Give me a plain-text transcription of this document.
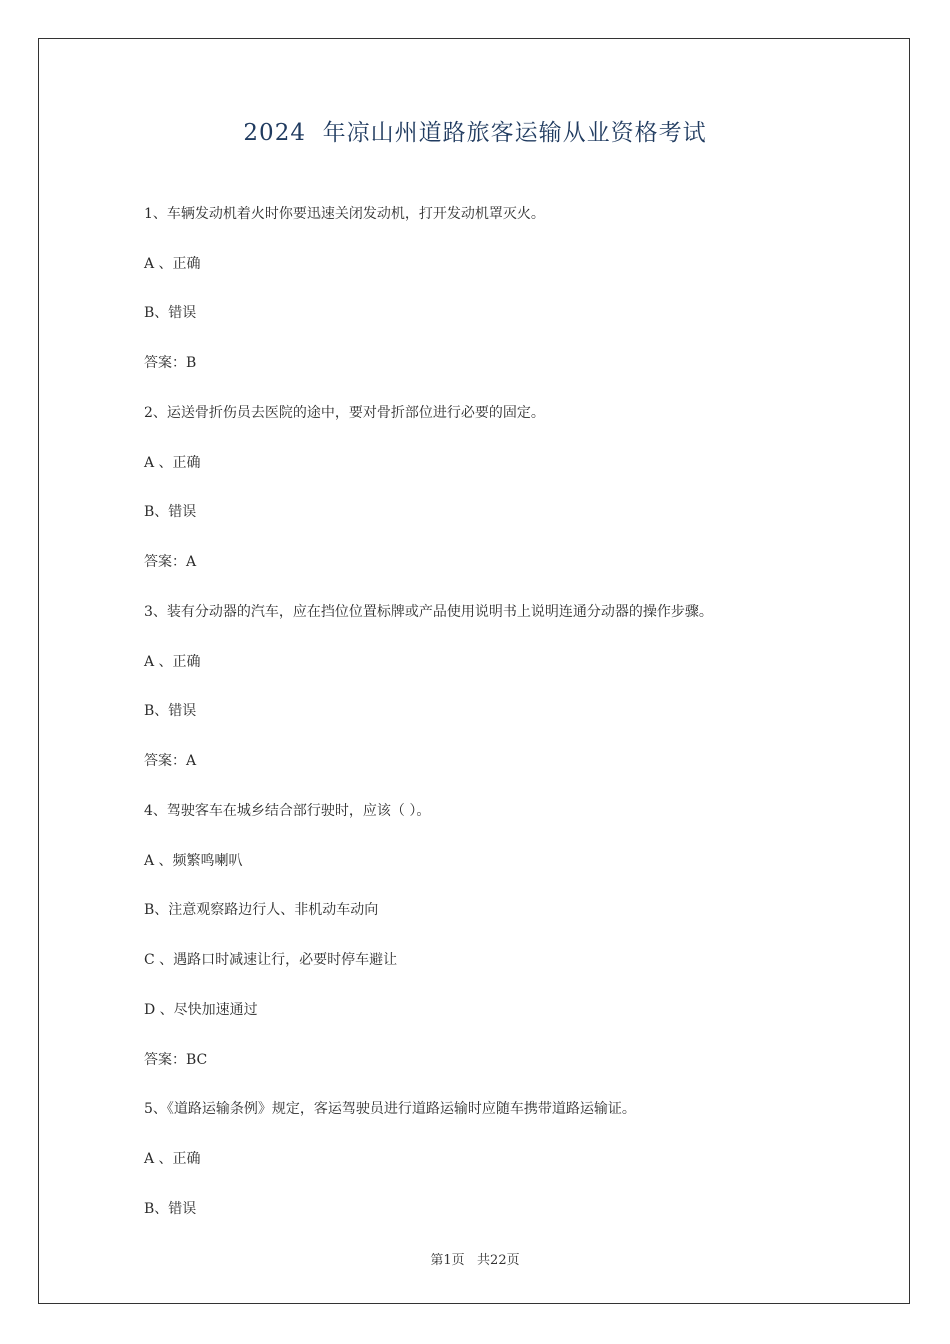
2024  年凉山州道路旅客运输从业资格考试
1、车辆发动机着火时你要迅速关闭发动机，打开发动机罩灭火。
A 、正确
B、错误
答案：B
2、运送骨折伤员去医院的途中，要对骨折部位进行必要的固定。
A 、正确
B、错误
答案：A
3、装有分动器的汽车，应在挡位位置标牌或产品使用说明书上说明连通分动器的操作步骤。
A 、正确
B、错误
答案：A
4、驾驶客车在城乡结合部行驶时，应该（ ）。
A 、频繁鸣喇叭
B、注意观察路边行人、非机动车动向
C 、遇路口时减速让行，必要时停车避让
D 、尽快加速通过
答案：BC
5、《道路运输条例》规定，客运驾驶员进行道路运输时应随车携带道路运输证。
A 、正确
B、错误
第1页   共22页
